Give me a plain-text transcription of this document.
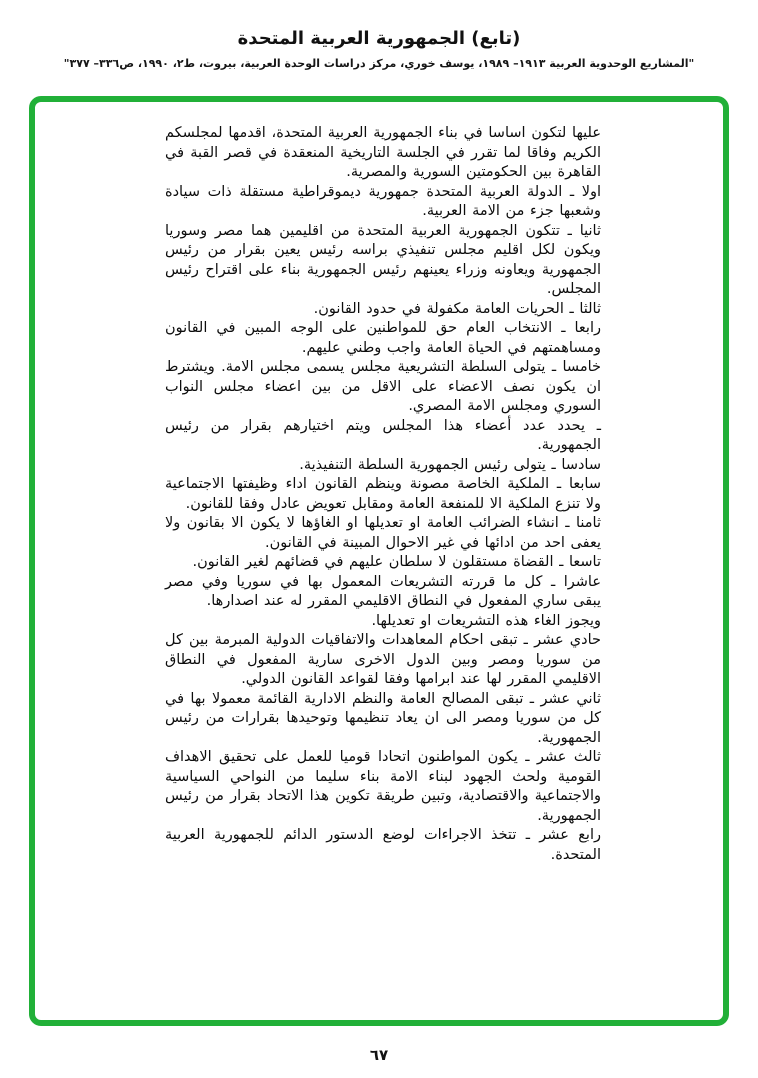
(تابع) الجمهورية العربية المتحدة
"المشاريع الوحدوية العربية ١٩١٣– ١٩٨٩، يوسف خوري، مركز دراسات الوحدة العربية، بيروت، ط٢، ١٩٩٠، ص٣٣٦– ٣٧٧"

عليها لتكون اساسا في بناء الجمهورية العربية المتحدة، اقدمها لمجلسكم الكريم وفاقا لما تقرر في الجلسة التاريخية المنعقدة في قصر القبة في القاهرة بين الحكومتين السورية والمصرية.

اولا ـ الدولة العربية المتحدة جمهورية ديموقراطية مستقلة ذات سيادة وشعبها جزء من الامة العربية.

ثانيا ـ تتكون الجمهورية العربية المتحدة من اقليمين هما مصر وسوريا ويكون لكل اقليم مجلس تنفيذي براسه رئيس يعين بقرار من رئيس الجمهورية ويعاونه وزراء يعينهم رئيس الجمهورية بناء على اقتراح رئيس المجلس.

ثالثا ـ الحريات العامة مكفولة في حدود القانون.

رابعا ـ الانتخاب العام حق للمواطنين على الوجه المبين في القانون ومساهمتهم في الحياة العامة واجب وطني عليهم.

خامسا ـ يتولى السلطة التشريعية مجلس يسمى مجلس الامة. ويشترط ان يكون نصف الاعضاء على الاقل من بين اعضاء مجلس النواب السوري ومجلس الامة المصري.

ـ يحدد عدد أعضاء هذا المجلس ويتم اختيارهم بقرار من رئيس الجمهورية.

سادسا ـ يتولى رئيس الجمهورية السلطة التنفيذية.

سابعا ـ الملكية الخاصة مصونة وينظم القانون اداء وظيفتها الاجتماعية ولا تنزع الملكية الا للمنفعة العامة ومقابل تعويض عادل وفقا للقانون.

ثامنا ـ انشاء الضرائب العامة او تعديلها او الغاؤها لا يكون الا بقانون ولا يعفى احد من ادائها في غير الاحوال المبينة في القانون.

تاسعا ـ القضاة مستقلون لا سلطان عليهم في قضائهم لغير القانون.

عاشرا ـ كل ما قررته التشريعات المعمول بها في سوريا وفي مصر يبقى ساري المفعول في النطاق الاقليمي المقرر له عند اصدارها.

ويجوز الغاء هذه التشريعات او تعديلها.

حادي عشر ـ تبقى احكام المعاهدات والاتفاقيات الدولية المبرمة بين كل من سوريا ومصر وبين الدول الاخرى سارية المفعول في النطاق الاقليمي المقرر لها عند ابرامها وفقا لقواعد القانون الدولي.

ثاني عشر ـ تبقى المصالح العامة والنظم الادارية القائمة معمولا بها في كل من سوريا ومصر الى ان يعاد تنظيمها وتوحيدها بقرارات من رئيس الجمهورية.

ثالث عشر ـ يكون المواطنون اتحادا قوميا للعمل على تحقيق الاهداف القومية ولحث الجهود لبناء الامة بناء سليما من النواحي السياسية والاجتماعية والاقتصادية، وتبين طريقة تكوين هذا الاتحاد بقرار من رئيس الجمهورية.

رابع عشر ـ تتخذ الاجراءات لوضع الدستور الدائم للجمهورية العربية المتحدة.

٦٧
